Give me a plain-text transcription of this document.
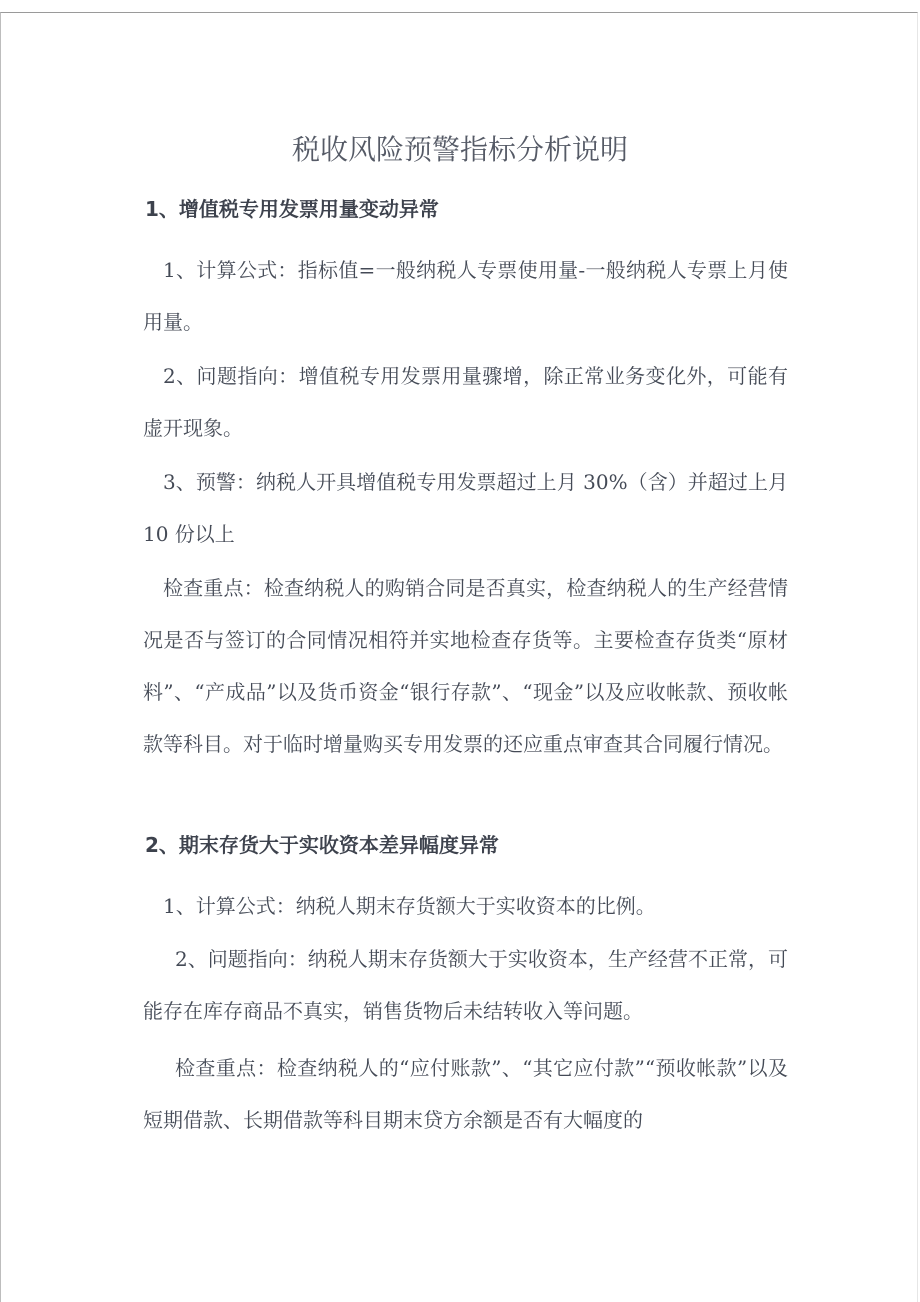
税收风险预警指标分析说明
1、增值税专用发票用量变动异常

1、计算公式：指标值=一般纳税人专票使用量-一般纳税人专票上月使用量。

2、问题指向：增值税专用发票用量骤增，除正常业务变化外，可能有虚开现象。

3、预警：纳税人开具增值税专用发票超过上月 30%（含）并超过上月 10 份以上

检查重点：检查纳税人的购销合同是否真实，检查纳税人的生产经营情况是否与签订的合同情况相符并实地检查存货等。主要检查存货类“原材料”、“产成品”以及货币资金“银行存款”、“现金”以及应收帐款、预收帐款等科目。对于临时增量购买专用发票的还应重点审查其合同履行情况。

2、期末存货大于实收资本差异幅度异常

1、计算公式：纳税人期末存货额大于实收资本的比例。

2、问题指向：纳税人期末存货额大于实收资本，生产经营不正常，可能存在库存商品不真实，销售货物后未结转收入等问题。

检查重点：检查纳税人的“应付账款”、“其它应付款”“预收帐款”以及短期借款、长期借款等科目期末贷方余额是否有大幅度的
